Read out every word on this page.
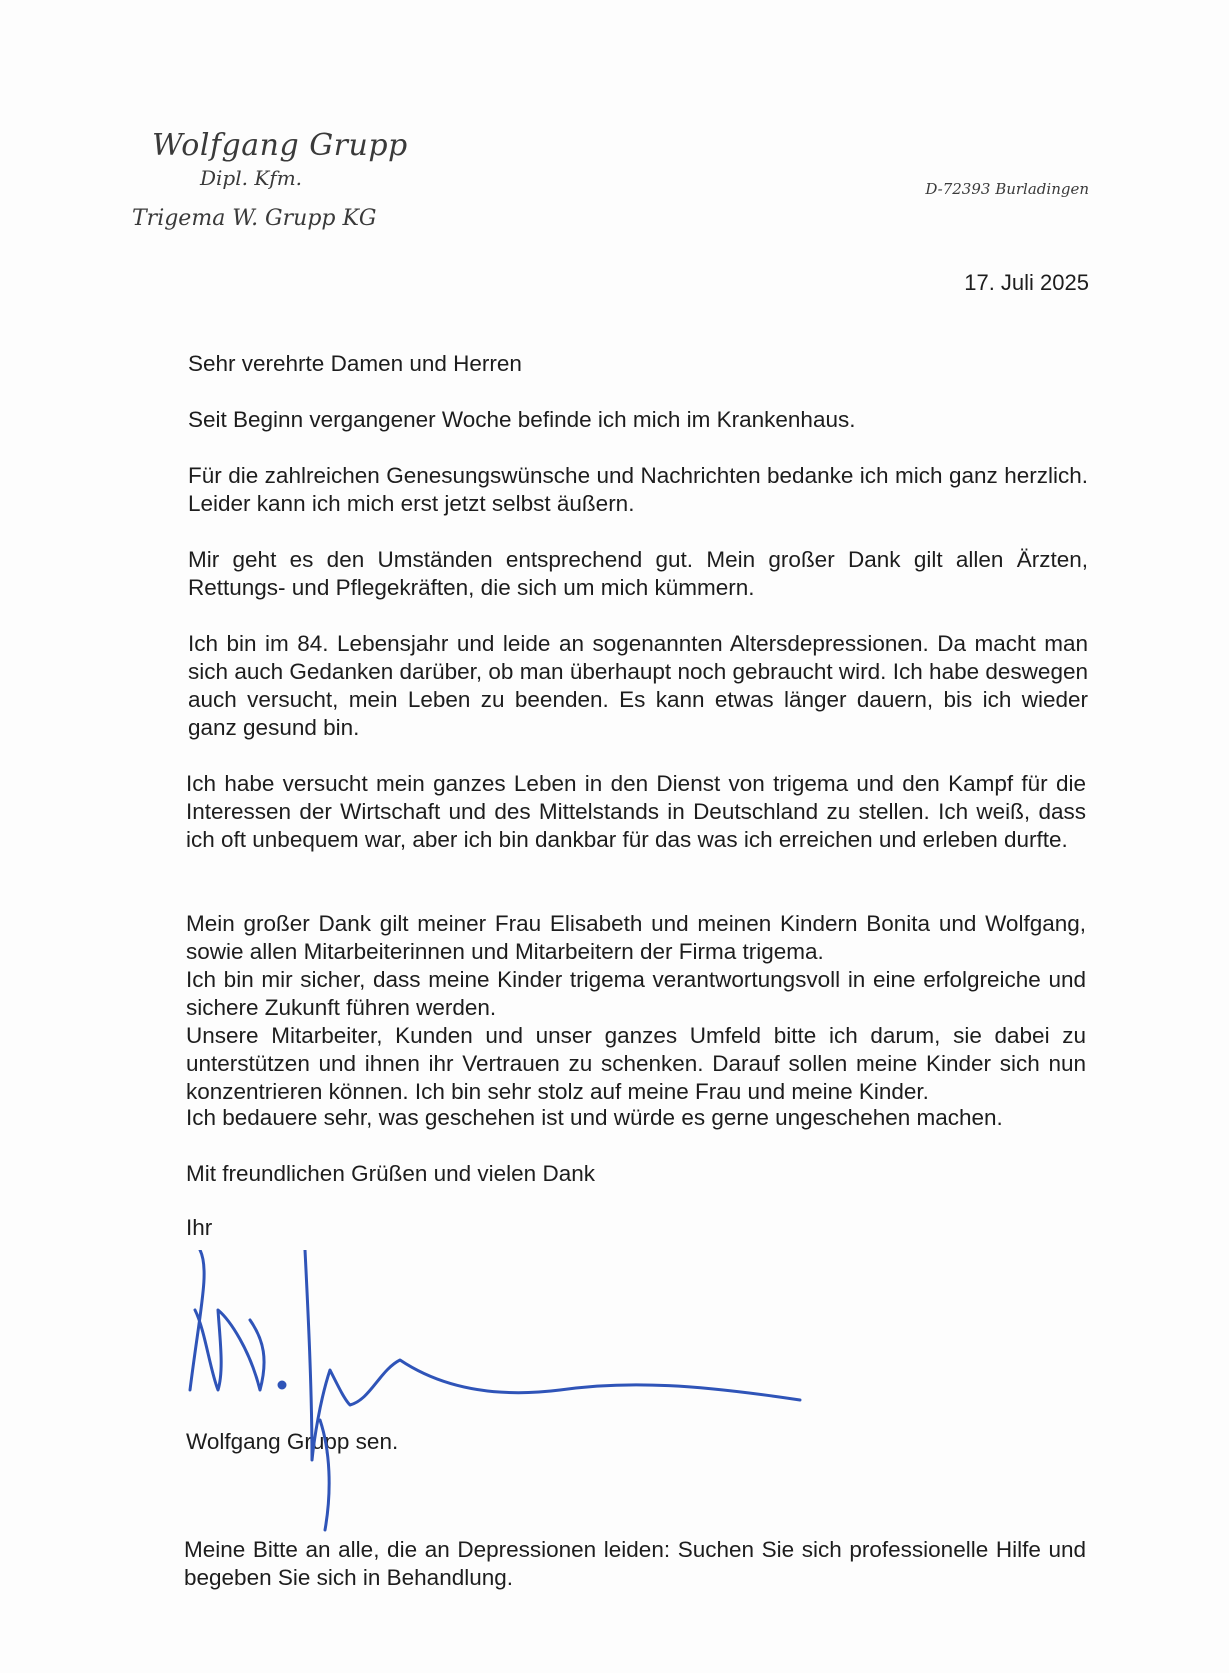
Wolfgang Grupp
Dipl. Kfm.
Trigema W. Grupp KG
D-72393 Burladingen
17. Juli 2025

Sehr verehrte Damen und Herren

Seit Beginn vergangener Woche befinde ich mich im Krankenhaus.

Für die zahlreichen Genesungswünsche und Nachrichten bedanke ich mich ganz herzlich. Leider kann ich mich erst jetzt selbst äußern.

Mir geht es den Umständen entsprechend gut. Mein großer Dank gilt allen Ärzten, Rettungs- und Pflegekräften, die sich um mich kümmern.

Ich bin im 84. Lebensjahr und leide an sogenannten Altersdepressionen. Da macht man sich auch Gedanken darüber, ob man überhaupt noch gebraucht wird. Ich habe deswegen auch versucht, mein Leben zu beenden. Es kann etwas länger dauern, bis ich wieder ganz gesund bin.

Ich habe versucht mein ganzes Leben in den Dienst von trigema und den Kampf für die Interessen der Wirtschaft und des Mittelstands in Deutschland zu stellen. Ich weiß, dass ich oft unbequem war, aber ich bin dankbar für das was ich erreichen und erleben durfte.

Mein großer Dank gilt meiner Frau Elisabeth und meinen Kindern Bonita und Wolfgang, sowie allen Mitarbeiterinnen und Mitarbeitern der Firma trigema.

Ich bin mir sicher, dass meine Kinder trigema verantwortungsvoll in eine erfolgreiche und sichere Zukunft führen werden.

Unsere Mitarbeiter, Kunden und unser ganzes Umfeld bitte ich darum, sie dabei zu unterstützen und ihnen ihr Vertrauen zu schenken. Darauf sollen meine Kinder sich nun konzentrieren können. Ich bin sehr stolz auf meine Frau und meine Kinder.

Ich bedauere sehr, was geschehen ist und würde es gerne ungeschehen machen.

Mit freundlichen Grüßen und vielen Dank

Ihr

Wolfgang Grupp sen.

Meine Bitte an alle, die an Depressionen leiden: Suchen Sie sich professionelle Hilfe und begeben Sie sich in Behandlung.
